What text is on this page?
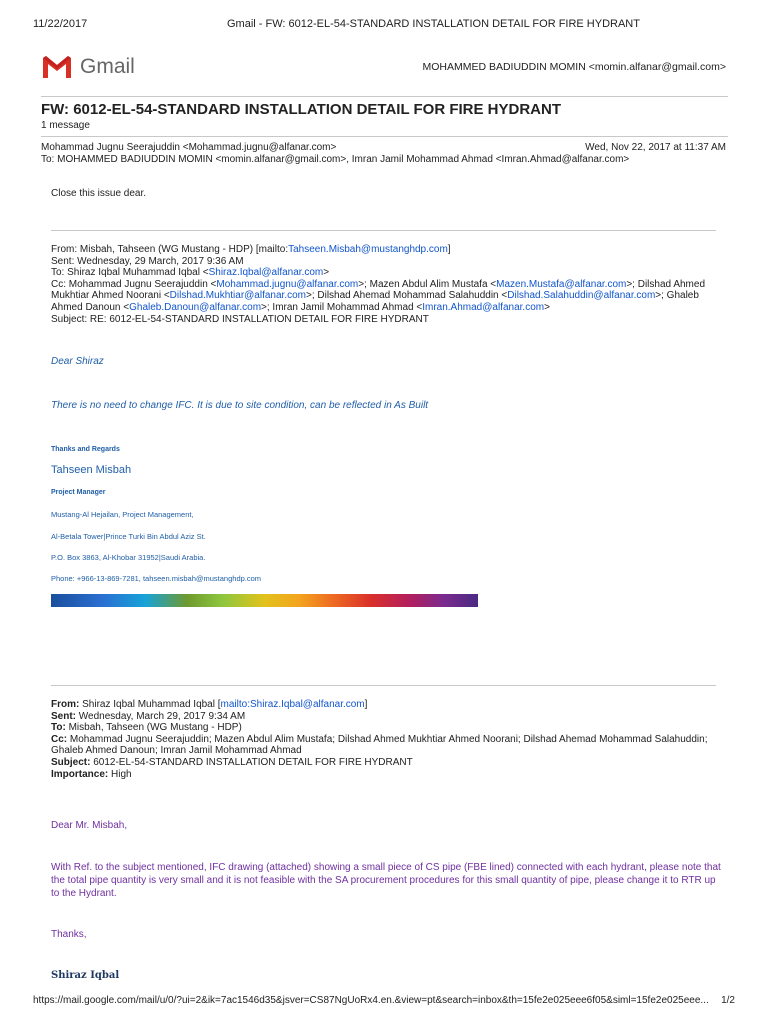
11/22/2017	Gmail - FW: 6012-EL-54-STANDARD INSTALLATION DETAIL FOR FIRE HYDRANT
Gmail	MOHAMMED BADIUDDIN MOMIN <momin.alfanar@gmail.com>
FW: 6012-EL-54-STANDARD INSTALLATION DETAIL FOR FIRE HYDRANT
1 message
Mohammad Jugnu Seerajuddin <Mohammad.jugnu@alfanar.com>	Wed, Nov 22, 2017 at 11:37 AM
To: MOHAMMED BADIUDDIN MOMIN <momin.alfanar@gmail.com>, Imran Jamil Mohammad Ahmad <Imran.Ahmad@alfanar.com>
Close this issue dear.
From: Misbah, Tahseen (WG Mustang - HDP) [mailto:Tahseen.Misbah@mustanghdp.com]
Sent: Wednesday, 29 March, 2017 9:36 AM
To: Shiraz Iqbal Muhammad Iqbal <Shiraz.Iqbal@alfanar.com>
Cc: Mohammad Jugnu Seerajuddin <Mohammad.jugnu@alfanar.com>; Mazen Abdul Alim Mustafa <Mazen.Mustafa@alfanar.com>; Dilshad Ahmed
Mukhtiar Ahmed Noorani <Dilshad.Mukhtiar@alfanar.com>; Dilshad Ahemad Mohammad Salahuddin <Dilshad.Salahuddin@alfanar.com>; Ghaleb
Ahmed Danoun <Ghaleb.Danoun@alfanar.com>; Imran Jamil Mohammad Ahmad <Imran.Ahmad@alfanar.com>
Subject: RE: 6012-EL-54-STANDARD INSTALLATION DETAIL FOR FIRE HYDRANT
Dear Shiraz
There is no need to change IFC. It is due to site condition, can be reflected in As Built
Thanks and Regards
Tahseen Misbah
Project Manager
Mustang-Al Hejailan, Project Management,
Al-Betala Tower|Prince Turki Bin Abdul Aziz St.
P.O. Box 3863, Al-Khobar 31952|Saudi Arabia.
Phone: +966-13-869-7281, tahseen.misbah@mustanghdp.com
From: Shiraz Iqbal Muhammad Iqbal [mailto:Shiraz.Iqbal@alfanar.com]
Sent: Wednesday, March 29, 2017 9:34 AM
To: Misbah, Tahseen (WG Mustang - HDP)
Cc: Mohammad Jugnu Seerajuddin; Mazen Abdul Alim Mustafa; Dilshad Ahmed Mukhtiar Ahmed Noorani; Dilshad Ahemad Mohammad Salahuddin;
Ghaleb Ahmed Danoun; Imran Jamil Mohammad Ahmad
Subject: 6012-EL-54-STANDARD INSTALLATION DETAIL FOR FIRE HYDRANT
Importance: High
Dear Mr. Misbah,
With Ref. to the subject mentioned, IFC drawing (attached) showing a small piece of CS pipe (FBE lined) connected with each hydrant, please note that the total pipe quantity is very small and it is not feasible with the SA procurement procedures for this small quantity of pipe, please change it to RTR up to the Hydrant.
Thanks,
Shiraz Iqbal
https://mail.google.com/mail/u/0/?ui=2&ik=7ac1546d35&jsver=CS87NgUoRx4.en.&view=pt&search=inbox&th=15fe2e025eee6f05&siml=15fe2e025eee... 1/2
